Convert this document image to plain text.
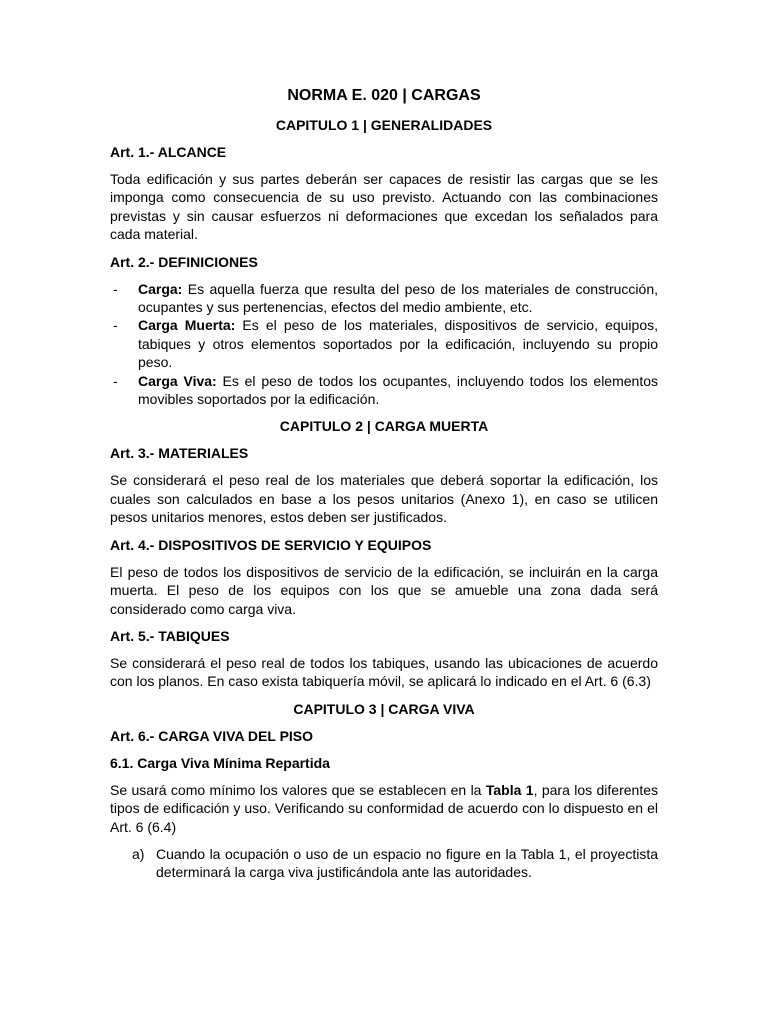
NORMA E. 020 | CARGAS
CAPITULO 1 | GENERALIDADES
Art. 1.- ALCANCE

Toda edificación y sus partes deberán ser capaces de resistir las cargas que se les imponga como consecuencia de su uso previsto. Actuando con las combinaciones previstas y sin causar esfuerzos ni deformaciones que excedan los señalados para cada material.

Art. 2.- DEFINICIONES
- Carga: Es aquella fuerza que resulta del peso de los materiales de construcción, ocupantes y sus pertenencias, efectos del medio ambiente, etc.
- Carga Muerta: Es el peso de los materiales, dispositivos de servicio, equipos, tabiques y otros elementos soportados por la edificación, incluyendo su propio peso.
- Carga Viva: Es el peso de todos los ocupantes, incluyendo todos los elementos movibles soportados por la edificación.
CAPITULO 2 | CARGA MUERTA
Art. 3.- MATERIALES

Se considerará el peso real de los materiales que deberá soportar la edificación, los cuales son calculados en base a los pesos unitarios (Anexo 1), en caso se utilicen pesos unitarios menores, estos deben ser justificados.

Art. 4.- DISPOSITIVOS DE SERVICIO Y EQUIPOS

El peso de todos los dispositivos de servicio de la edificación, se incluirán en la carga muerta. El peso de los equipos con los que se amueble una zona dada será considerado como carga viva.

Art. 5.- TABIQUES

Se considerará el peso real de todos los tabiques, usando las ubicaciones de acuerdo con los planos. En caso exista tabiquería móvil, se aplicará lo indicado en el Art. 6 (6.3)

CAPITULO 3 | CARGA VIVA
Art. 6.- CARGA VIVA DEL PISO
6.1. Carga Viva Mínima Repartida

Se usará como mínimo los valores que se establecen en la Tabla 1, para los diferentes tipos de edificación y uso. Verificando su conformidad de acuerdo con lo dispuesto en el Art. 6 (6.4)

a) Cuando la ocupación o uso de un espacio no figure en la Tabla 1, el proyectista determinará la carga viva justificándola ante las autoridades.
